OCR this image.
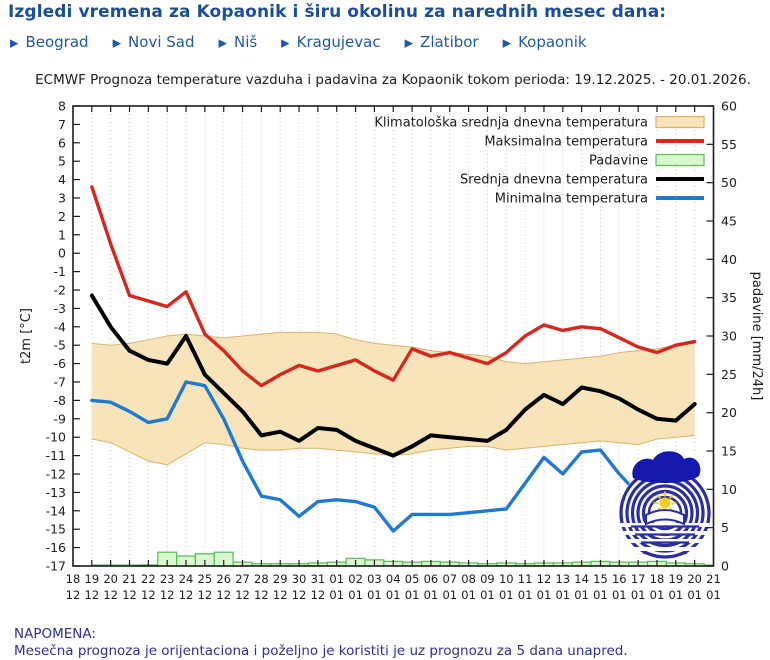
Izgledi vremena za Kopaonik i širu okolinu za narednih mesec dana:
▶ Beograd ▶ Novi Sad ▶ Niš ▶ Kragujevac ▶ Zlatibor ▶ Kopaonik
ECMWF Prognoza temperature vazduha i padavina za Kopaonik tokom perioda: 19.12.2025. - 20.01.2026.
8
7
6
5
4
3
2
1
0
-1
-2
-3
-4
-5
-6
-7
-8
-9
-10
-11
-12
-13
-14
-15
-16
-17	0
5
10
15
20
25
30
35
40
45
50
55
60
18
12
19
12
20
12
21
12
22
12
23
12
24
12
25
12
26
12
27
12
28
12
29
12
30
12
31
12
01
01
02
01
03
01
04
01
05
01
06
01
07
01
08
01
09
01
10
01
11
01
12
01
13
01
14
01
15
01
16
01
17
01
18
01
19
01
20
01
21
01
t2m [°C]	padavine [mm/24h]
Klimatološka srednja dnevna temperatura
Maksimalna temperatura
Padavine
Srednja dnevna temperatura
Minimalna temperatura
NAPOMENA:
Mesečna prognoza je orijentaciona i poželjno je koristiti je uz prognozu za 5 dana unapred.
